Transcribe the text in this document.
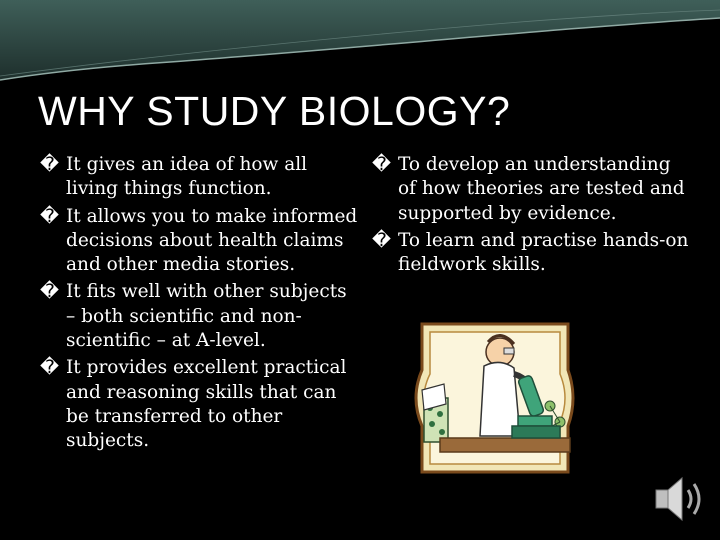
WHY STUDY BIOLOGY?
� It gives an idea of how all living things function.
� It allows you to make informed decisions about health claims and other media stories.
� It fits well with other subjects – both scientific and non-scientific – at A-level.
� It provides excellent practical and reasoning skills that can be transferred to other subjects.
� To develop an understanding of how theories are tested and supported by evidence.
� To learn and practise hands-on fieldwork skills.
